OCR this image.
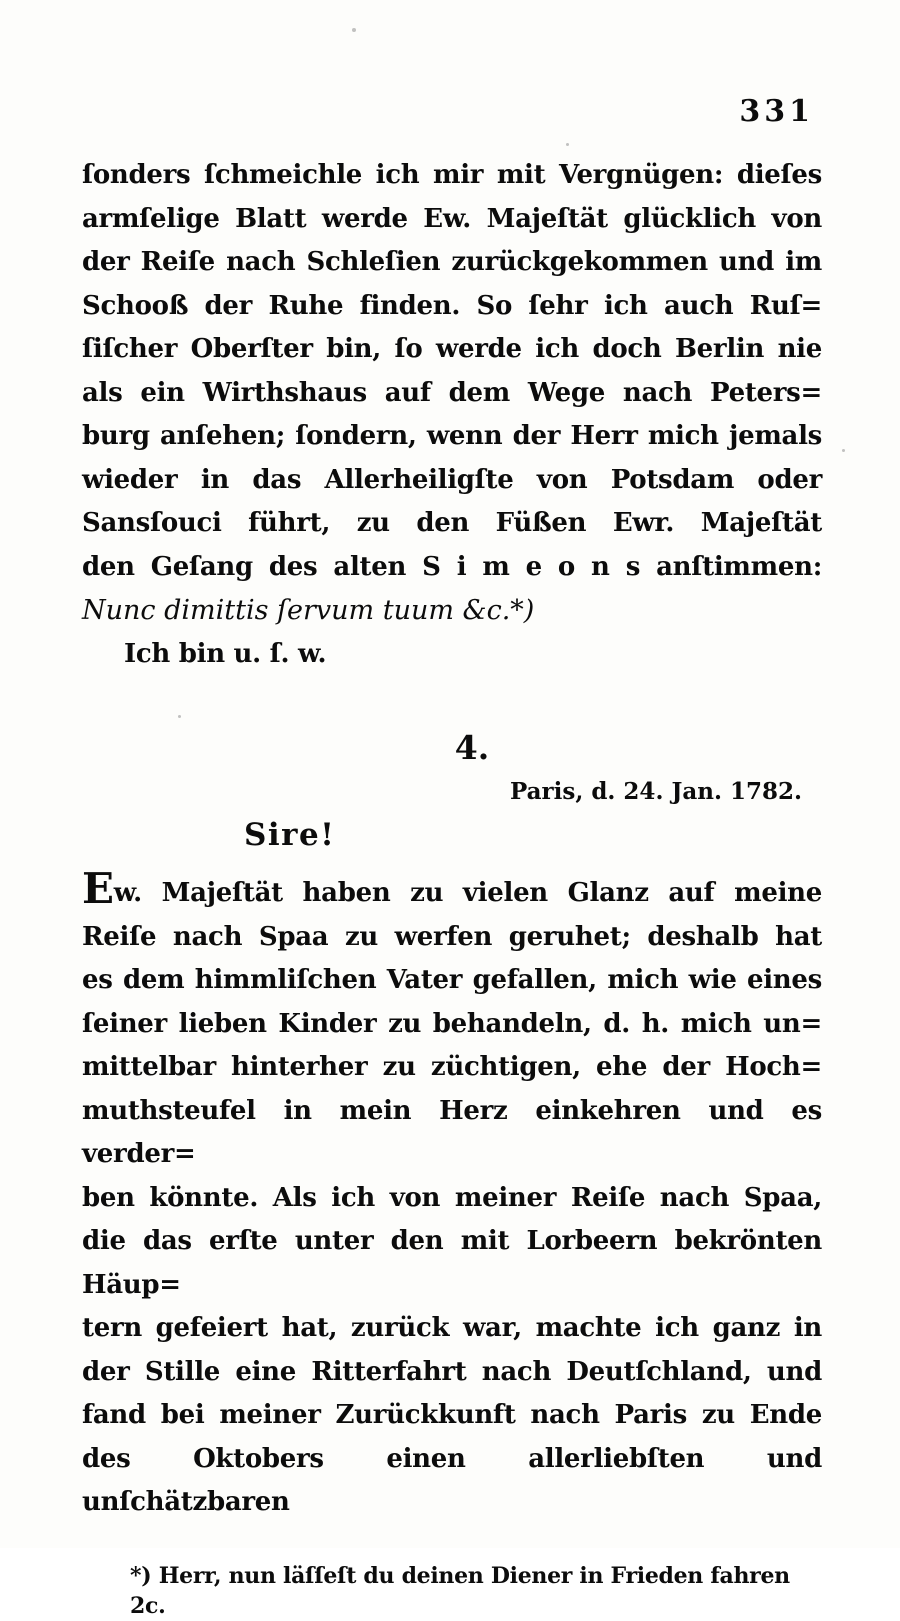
331
ſonders ſchmeichle ich mir mit Vergnügen: dieſes
armſelige Blatt werde Ew. Majeſtät glücklich von
der Reiſe nach Schleſien zurückgekommen und im
Schooß der Ruhe finden. So ſehr ich auch Ruſ=
ſiſcher Oberſter bin, ſo werde ich doch Berlin nie
als ein Wirthshaus auf dem Wege nach Peters=
burg anſehen; ſondern, wenn der Herr mich jemals
wieder in das Allerheiligſte von Potsdam oder
Sansſouci führt, zu den Füßen Ewr. Majeſtät
den Geſang des alten S i m e o n s anſtimmen:
Nunc dimittis ſervum tuum &c.*)
Ich bin u. ſ. w.
4.
Paris, d. 24. Jan. 1782.
Sire!
Ew. Majeſtät haben zu vielen Glanz auf meine
Reiſe nach Spaa zu werfen geruhet; deshalb hat
es dem himmliſchen Vater gefallen, mich wie eines
ſeiner lieben Kinder zu behandeln, d. h. mich un=
mittelbar hinterher zu züchtigen, ehe der Hoch=
muthsteufel in mein Herz einkehren und es verder=
ben könnte. Als ich von meiner Reiſe nach Spaa,
die das erſte unter den mit Lorbeern bekrönten Häup=
tern gefeiert hat, zurück war, machte ich ganz in
der Stille eine Ritterfahrt nach Deutſchland, und
fand bei meiner Zurückkunft nach Paris zu Ende
des Oktobers einen allerliebſten und unſchätzbaren
*) Herr, nun läſſeſt du deinen Diener in Frieden fahren 2c.
